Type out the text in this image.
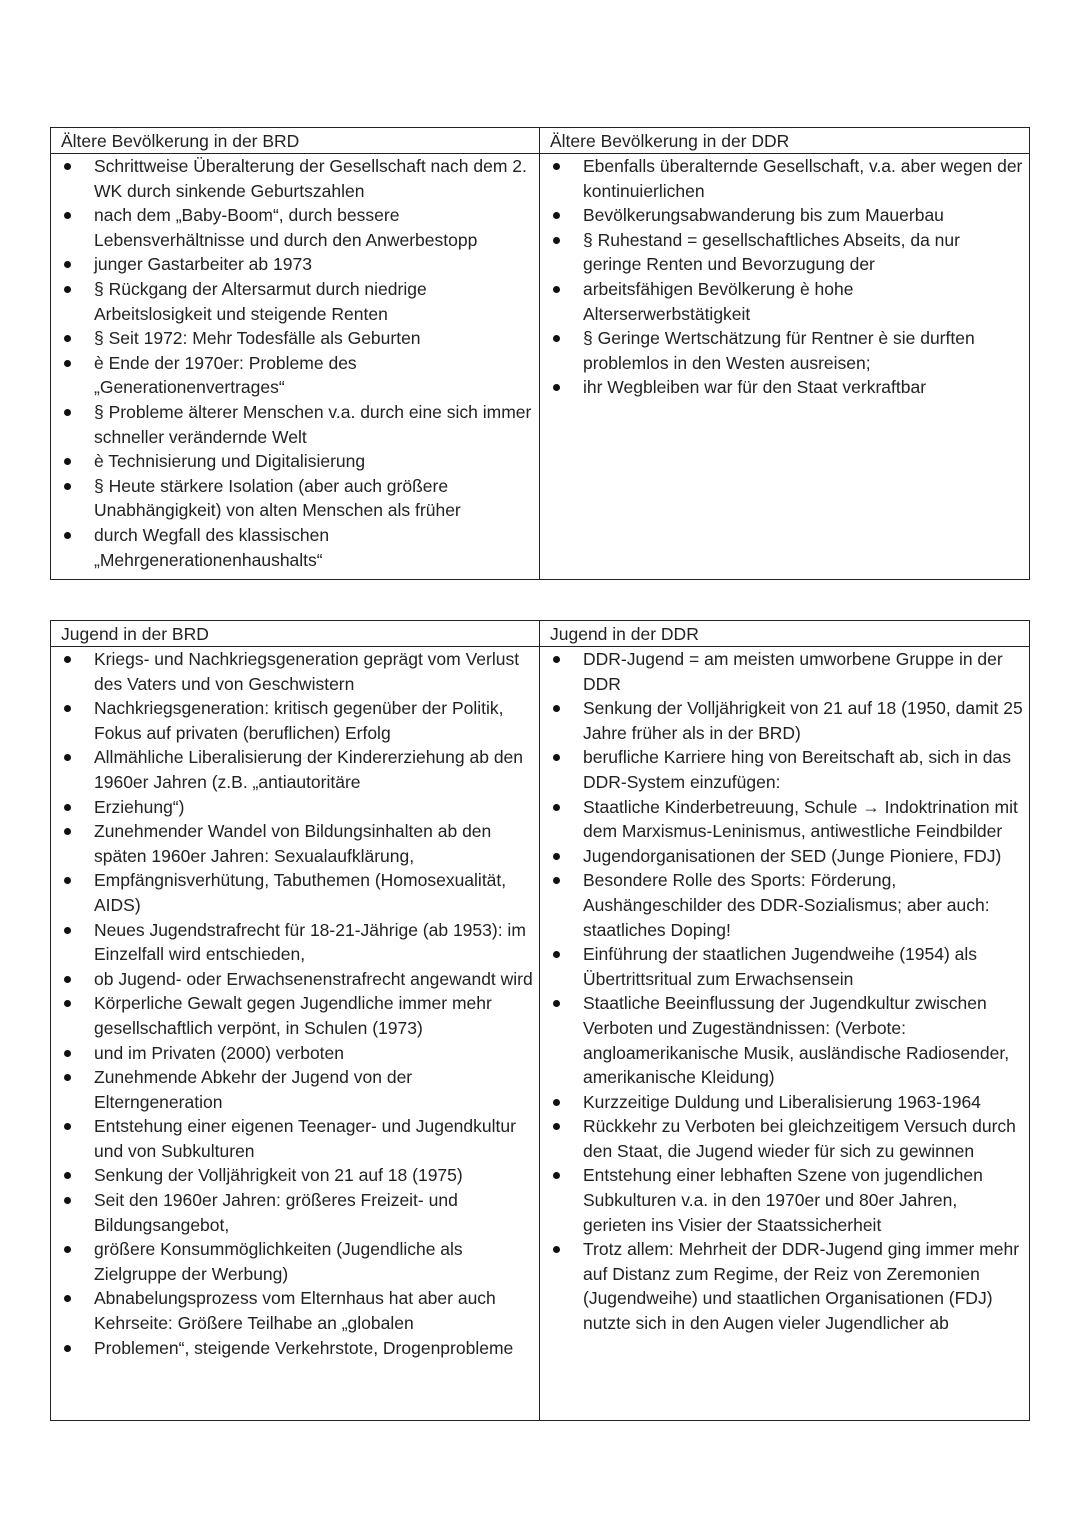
Ältere Bevölkerung in der BRD
Schrittweise Überalterung der Gesellschaft nach dem 2. WK durch sinkende Geburtszahlen
nach dem „Baby-Boom“, durch bessere Lebensverhältnisse und durch den Anwerbestopp
junger Gastarbeiter ab 1973
§ Rückgang der Altersarmut durch niedrige Arbeitslosigkeit und steigende Renten
§ Seit 1972: Mehr Todesfälle als Geburten
è Ende der 1970er: Probleme des „Generationenvertrages“
§ Probleme älterer Menschen v.a. durch eine sich immer schneller verändernde Welt
è Technisierung und Digitalisierung
§ Heute stärkere Isolation (aber auch größere Unabhängigkeit) von alten Menschen als früher
durch Wegfall des klassischen „Mehrgenerationenhaushalts“
Ältere Bevölkerung in der DDR
Ebenfalls überalternde Gesellschaft, v.a. aber wegen der kontinuierlichen
Bevölkerungsabwanderung bis zum Mauerbau
§ Ruhestand = gesellschaftliches Abseits, da nur geringe Renten und Bevorzugung der
arbeitsfähigen Bevölkerung è hohe Alterserwerbstätigkeit
§ Geringe Wertschätzung für Rentner è sie durften problemlos in den Westen ausreisen;
ihr Wegbleiben war für den Staat verkraftbar
Jugend in der BRD
Kriegs- und Nachkriegsgeneration geprägt vom Verlust des Vaters und von Geschwistern
Nachkriegsgeneration: kritisch gegenüber der Politik, Fokus auf privaten (beruflichen) Erfolg
Allmähliche Liberalisierung der Kindererziehung ab den 1960er Jahren (z.B. „antiautoritäre
Erziehung“)
Zunehmender Wandel von Bildungsinhalten ab den späten 1960er Jahren: Sexualaufklärung,
Empfängnisverhütung, Tabuthemen (Homosexualität, AIDS)
Neues Jugendstrafrecht für 18-21-Jährige (ab 1953): im Einzelfall wird entschieden,
ob Jugend- oder Erwachsenenstrafrecht angewandt wird
Körperliche Gewalt gegen Jugendliche immer mehr gesellschaftlich verpönt, in Schulen (1973)
und im Privaten (2000) verboten
Zunehmende Abkehr der Jugend von der Elterngeneration
Entstehung einer eigenen Teenager- und Jugendkultur und von Subkulturen
Senkung der Volljährigkeit von 21 auf 18 (1975)
Seit den 1960er Jahren: größeres Freizeit- und Bildungsangebot,
größere Konsummöglichkeiten (Jugendliche als Zielgruppe der Werbung)
Abnabelungsprozess vom Elternhaus hat aber auch Kehrseite: Größere Teilhabe an „globalen
Problemen“, steigende Verkehrstote, Drogenprobleme
Jugend in der DDR
DDR-Jugend = am meisten umworbene Gruppe in der DDR
Senkung der Volljährigkeit von 21 auf 18 (1950, damit 25 Jahre früher als in der BRD)
berufliche Karriere hing von Bereitschaft ab, sich in das DDR-System einzufügen:
Staatliche Kinderbetreuung, Schule → Indoktrination mit dem Marxismus-Leninismus, antiwestliche Feindbilder
Jugendorganisationen der SED (Junge Pioniere, FDJ)
Besondere Rolle des Sports: Förderung, Aushängeschilder des DDR-Sozialismus; aber auch: staatliches Doping!
Einführung der staatlichen Jugendweihe (1954) als Übertrittsritual zum Erwachsensein
Staatliche Beeinflussung der Jugendkultur zwischen Verboten und Zugeständnissen: (Verbote: angloamerikanische Musik, ausländische Radiosender, amerikanische Kleidung)
Kurzzeitige Duldung und Liberalisierung 1963-1964
Rückkehr zu Verboten bei gleichzeitigem Versuch durch den Staat, die Jugend wieder für sich zu gewinnen
Entstehung einer lebhaften Szene von jugendlichen Subkulturen v.a. in den 1970er und 80er Jahren, gerieten ins Visier der Staatssicherheit
Trotz allem: Mehrheit der DDR-Jugend ging immer mehr auf Distanz zum Regime, der Reiz von Zeremonien (Jugendweihe) und staatlichen Organisationen (FDJ) nutzte sich in den Augen vieler Jugendlicher ab
